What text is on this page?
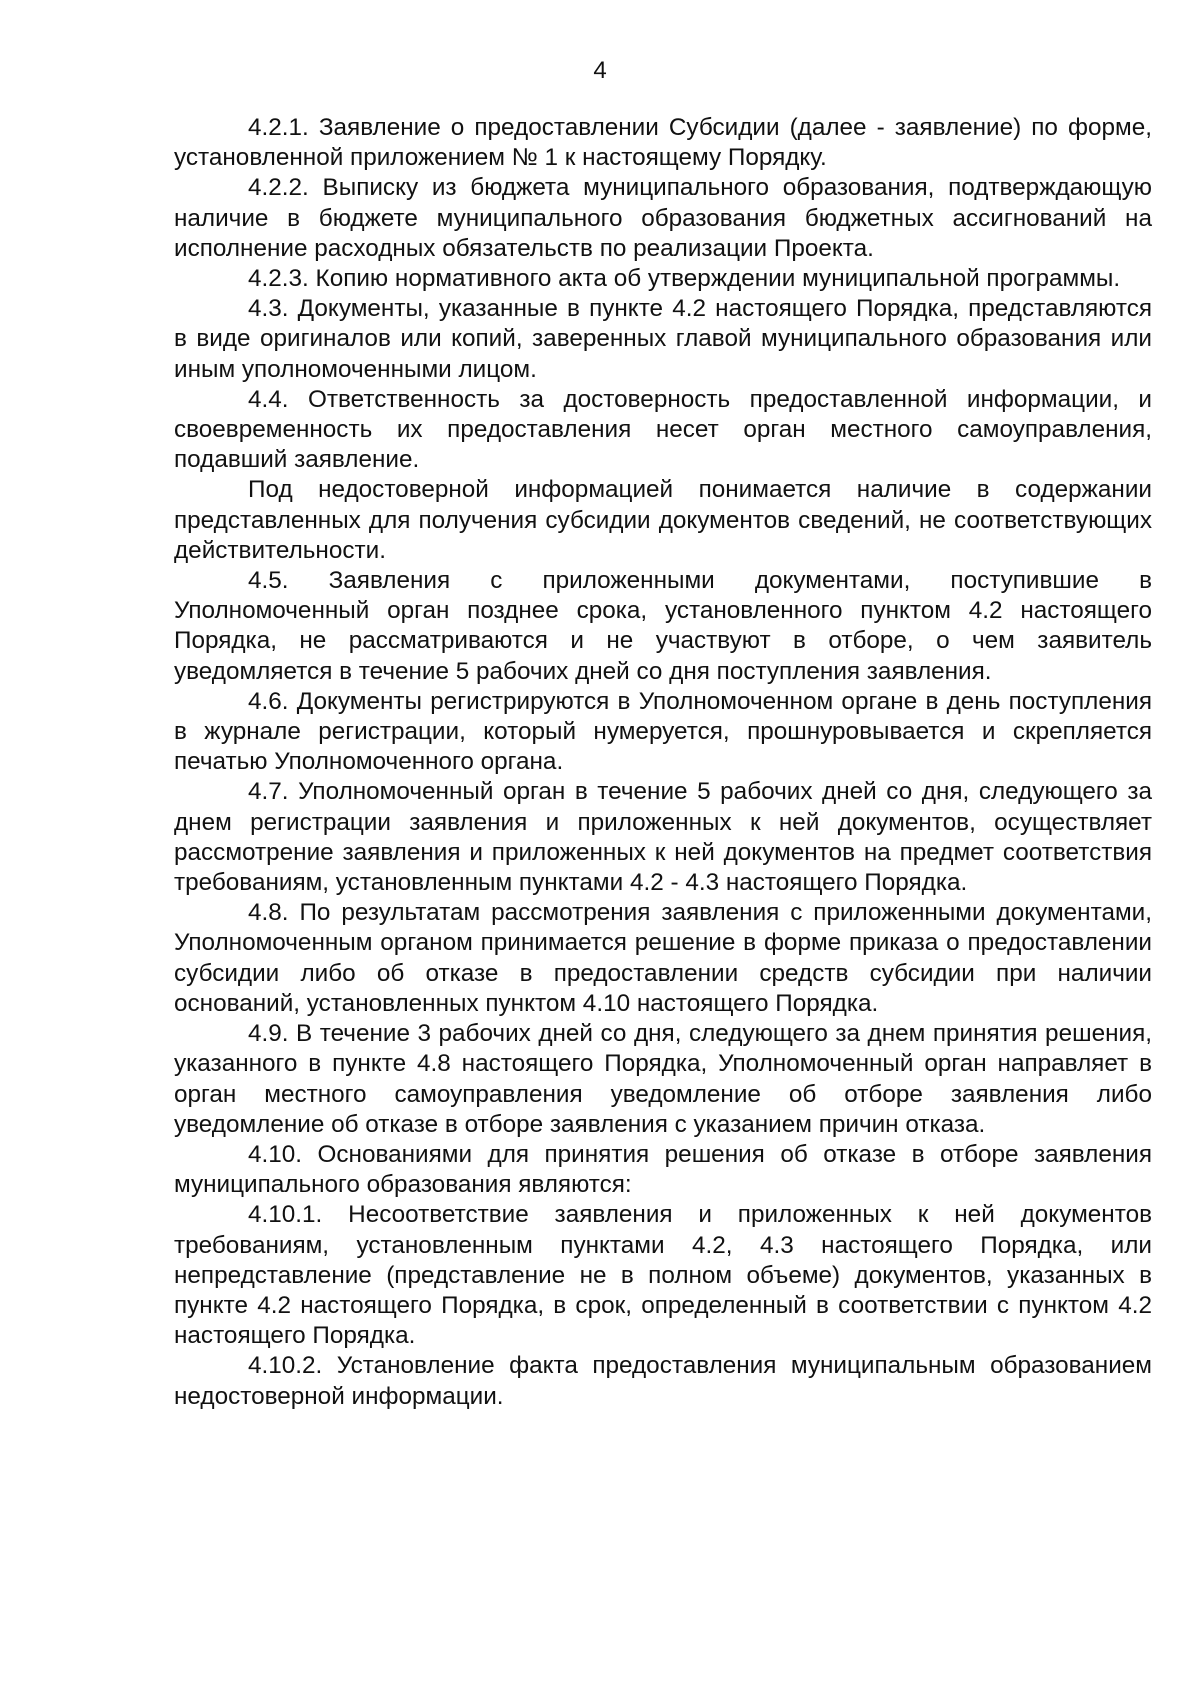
4

4.2.1. Заявление о предоставлении Субсидии (далее - заявление) по форме, установленной приложением № 1 к настоящему Порядку.

4.2.2. Выписку из бюджета муниципального образования, подтверждающую наличие в бюджете муниципального образования бюджетных ассигнований на исполнение расходных обязательств по реализации Проекта.

4.2.3. Копию нормативного акта об утверждении муниципальной программы.

4.3. Документы, указанные в пункте 4.2 настоящего Порядка, представляются в виде оригиналов или копий, заверенных главой муниципального образования или иным уполномоченными лицом.

4.4. Ответственность за достоверность предоставленной информации, и своевременность их предоставления несет орган местного самоуправления, подавший заявление.

Под недостоверной информацией понимается наличие в содержании представленных для получения субсидии документов сведений, не соответствующих действительности.

4.5. Заявления с приложенными документами, поступившие в Уполномоченный орган позднее срока, установленного пунктом 4.2 настоящего Порядка, не рассматриваются и не участвуют в отборе, о чем заявитель уведомляется в течение 5 рабочих дней со дня поступления заявления.

4.6. Документы регистрируются в Уполномоченном органе в день поступления в журнале регистрации, который нумеруется, прошнуровывается и скрепляется печатью Уполномоченного органа.

4.7. Уполномоченный орган в течение 5 рабочих дней со дня, следующего за днем регистрации заявления и приложенных к ней документов, осуществляет рассмотрение заявления и приложенных к ней документов на предмет соответствия требованиям, установленным пунктами 4.2 - 4.3 настоящего Порядка.

4.8. По результатам рассмотрения заявления с приложенными документами, Уполномоченным органом принимается решение в форме приказа о предоставлении субсидии либо об отказе в предоставлении средств субсидии при наличии оснований, установленных пунктом 4.10 настоящего Порядка.

4.9. В течение 3 рабочих дней со дня, следующего за днем принятия решения, указанного в пункте 4.8 настоящего Порядка, Уполномоченный орган направляет в орган местного самоуправления уведомление об отборе заявления либо уведомление об отказе в отборе заявления с указанием причин отказа.

4.10. Основаниями для принятия решения об отказе в отборе заявления муниципального образования являются:

4.10.1. Несоответствие заявления и приложенных к ней документов требованиям, установленным пунктами 4.2, 4.3 настоящего Порядка, или непредставление (представление не в полном объеме) документов, указанных в пункте 4.2 настоящего Порядка, в срок, определенный в соответствии с пунктом 4.2 настоящего Порядка.

4.10.2. Установление факта предоставления муниципальным образованием недостоверной информации.
